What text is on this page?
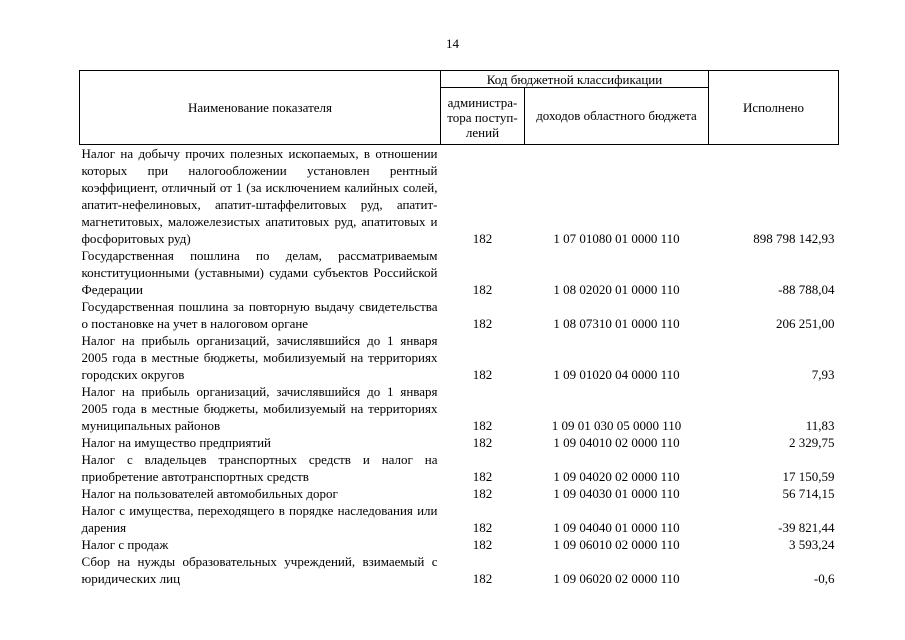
14
Наименование показателя	Код бюджетной классификации		Исполнено
	администра-тора поступ-лений	доходов областного бюджета	
Налог на добычу прочих полезных ископаемых, в отношении которых при налогообложении установлен рентный коэффициент, отличный от 1 (за исключением калийных солей, апатит-нефелиновых, апатит-штаффелитовых руд, апатит-магнетитовых, маложелезистых апатитовых руд, апатитовых и фосфоритовых руд)	182	1 07 01080 01 0000 110	898 798 142,93
Государственная пошлина по делам, рассматриваемым конституционными (уставными) судами субъектов Российской Федерации	182	1 08 02020 01 0000 110	-88 788,04
Государственная пошлина за повторную выдачу свидетельства о постановке на учет в налоговом органе	182	1 08 07310 01 0000 110	206 251,00
Налог на прибыль организаций, зачислявшийся до 1 января 2005 года в местные бюджеты, мобилизуемый на территориях городских округов	182	1 09 01020 04 0000 110	7,93
Налог на прибыль организаций, зачислявшийся до 1 января 2005 года в местные бюджеты, мобилизуемый на территориях муниципальных районов	182	1 09 01 030 05 0000 110	11,83
Налог на имущество предприятий	182	1 09 04010 02 0000 110	2 329,75
Налог с владельцев транспортных средств и налог на приобретение автотранспортных средств	182	1 09 04020 02 0000 110	17 150,59
Налог на пользователей автомобильных дорог	182	1 09 04030 01 0000 110	56 714,15
Налог с имущества, переходящего в порядке наследования или дарения	182	1 09 04040 01 0000 110	-39 821,44
Налог с продаж	182	1 09 06010 02 0000 110	3 593,24
Сбор на нужды образовательных учреждений, взимаемый с юридических лиц	182	1 09 06020 02 0000 110	-0,6
